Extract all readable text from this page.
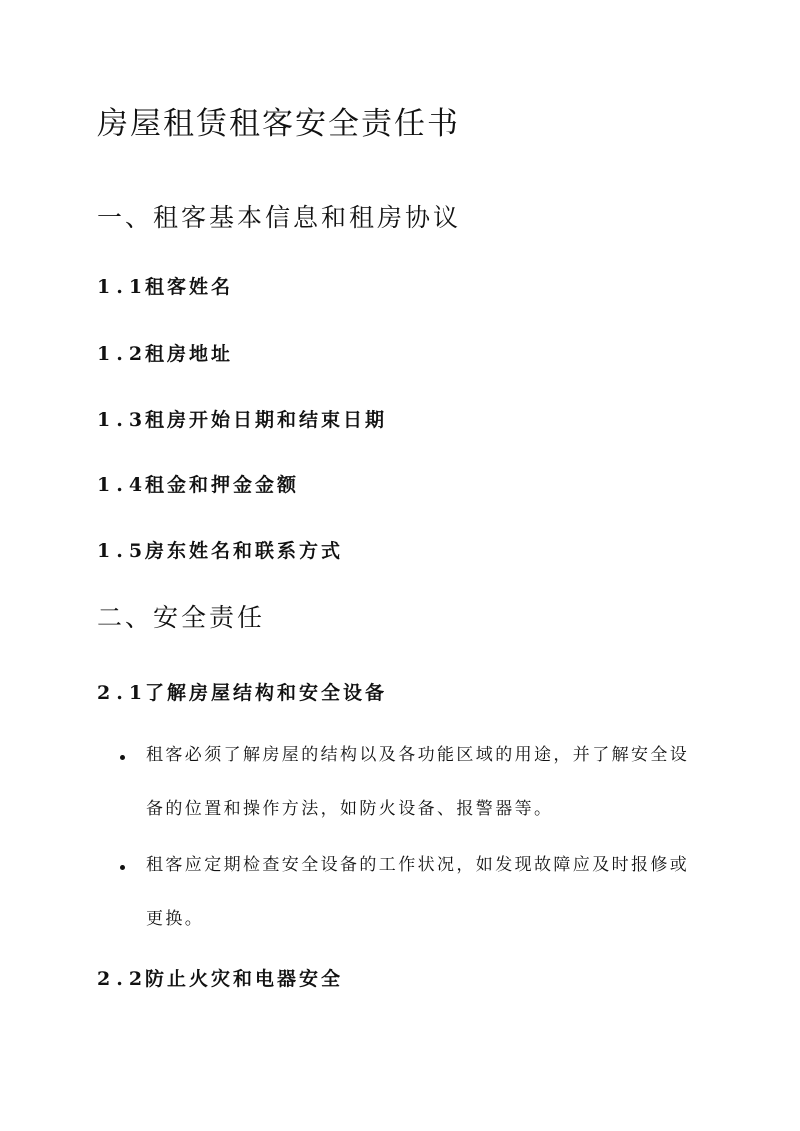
房屋租赁租客安全责任书
一、租客基本信息和租房协议
1.1租客姓名
1.2租房地址
1.3租房开始日期和结束日期
1.4租金和押金金额
1.5房东姓名和联系方式
二、安全责任
2.1了解房屋结构和安全设备
租客必须了解房屋的结构以及各功能区域的用途，并了解安全设备的位置和操作方法，如防火设备、报警器等。
租客应定期检查安全设备的工作状况，如发现故障应及时报修或更换。
2.2防止火灾和电器安全
